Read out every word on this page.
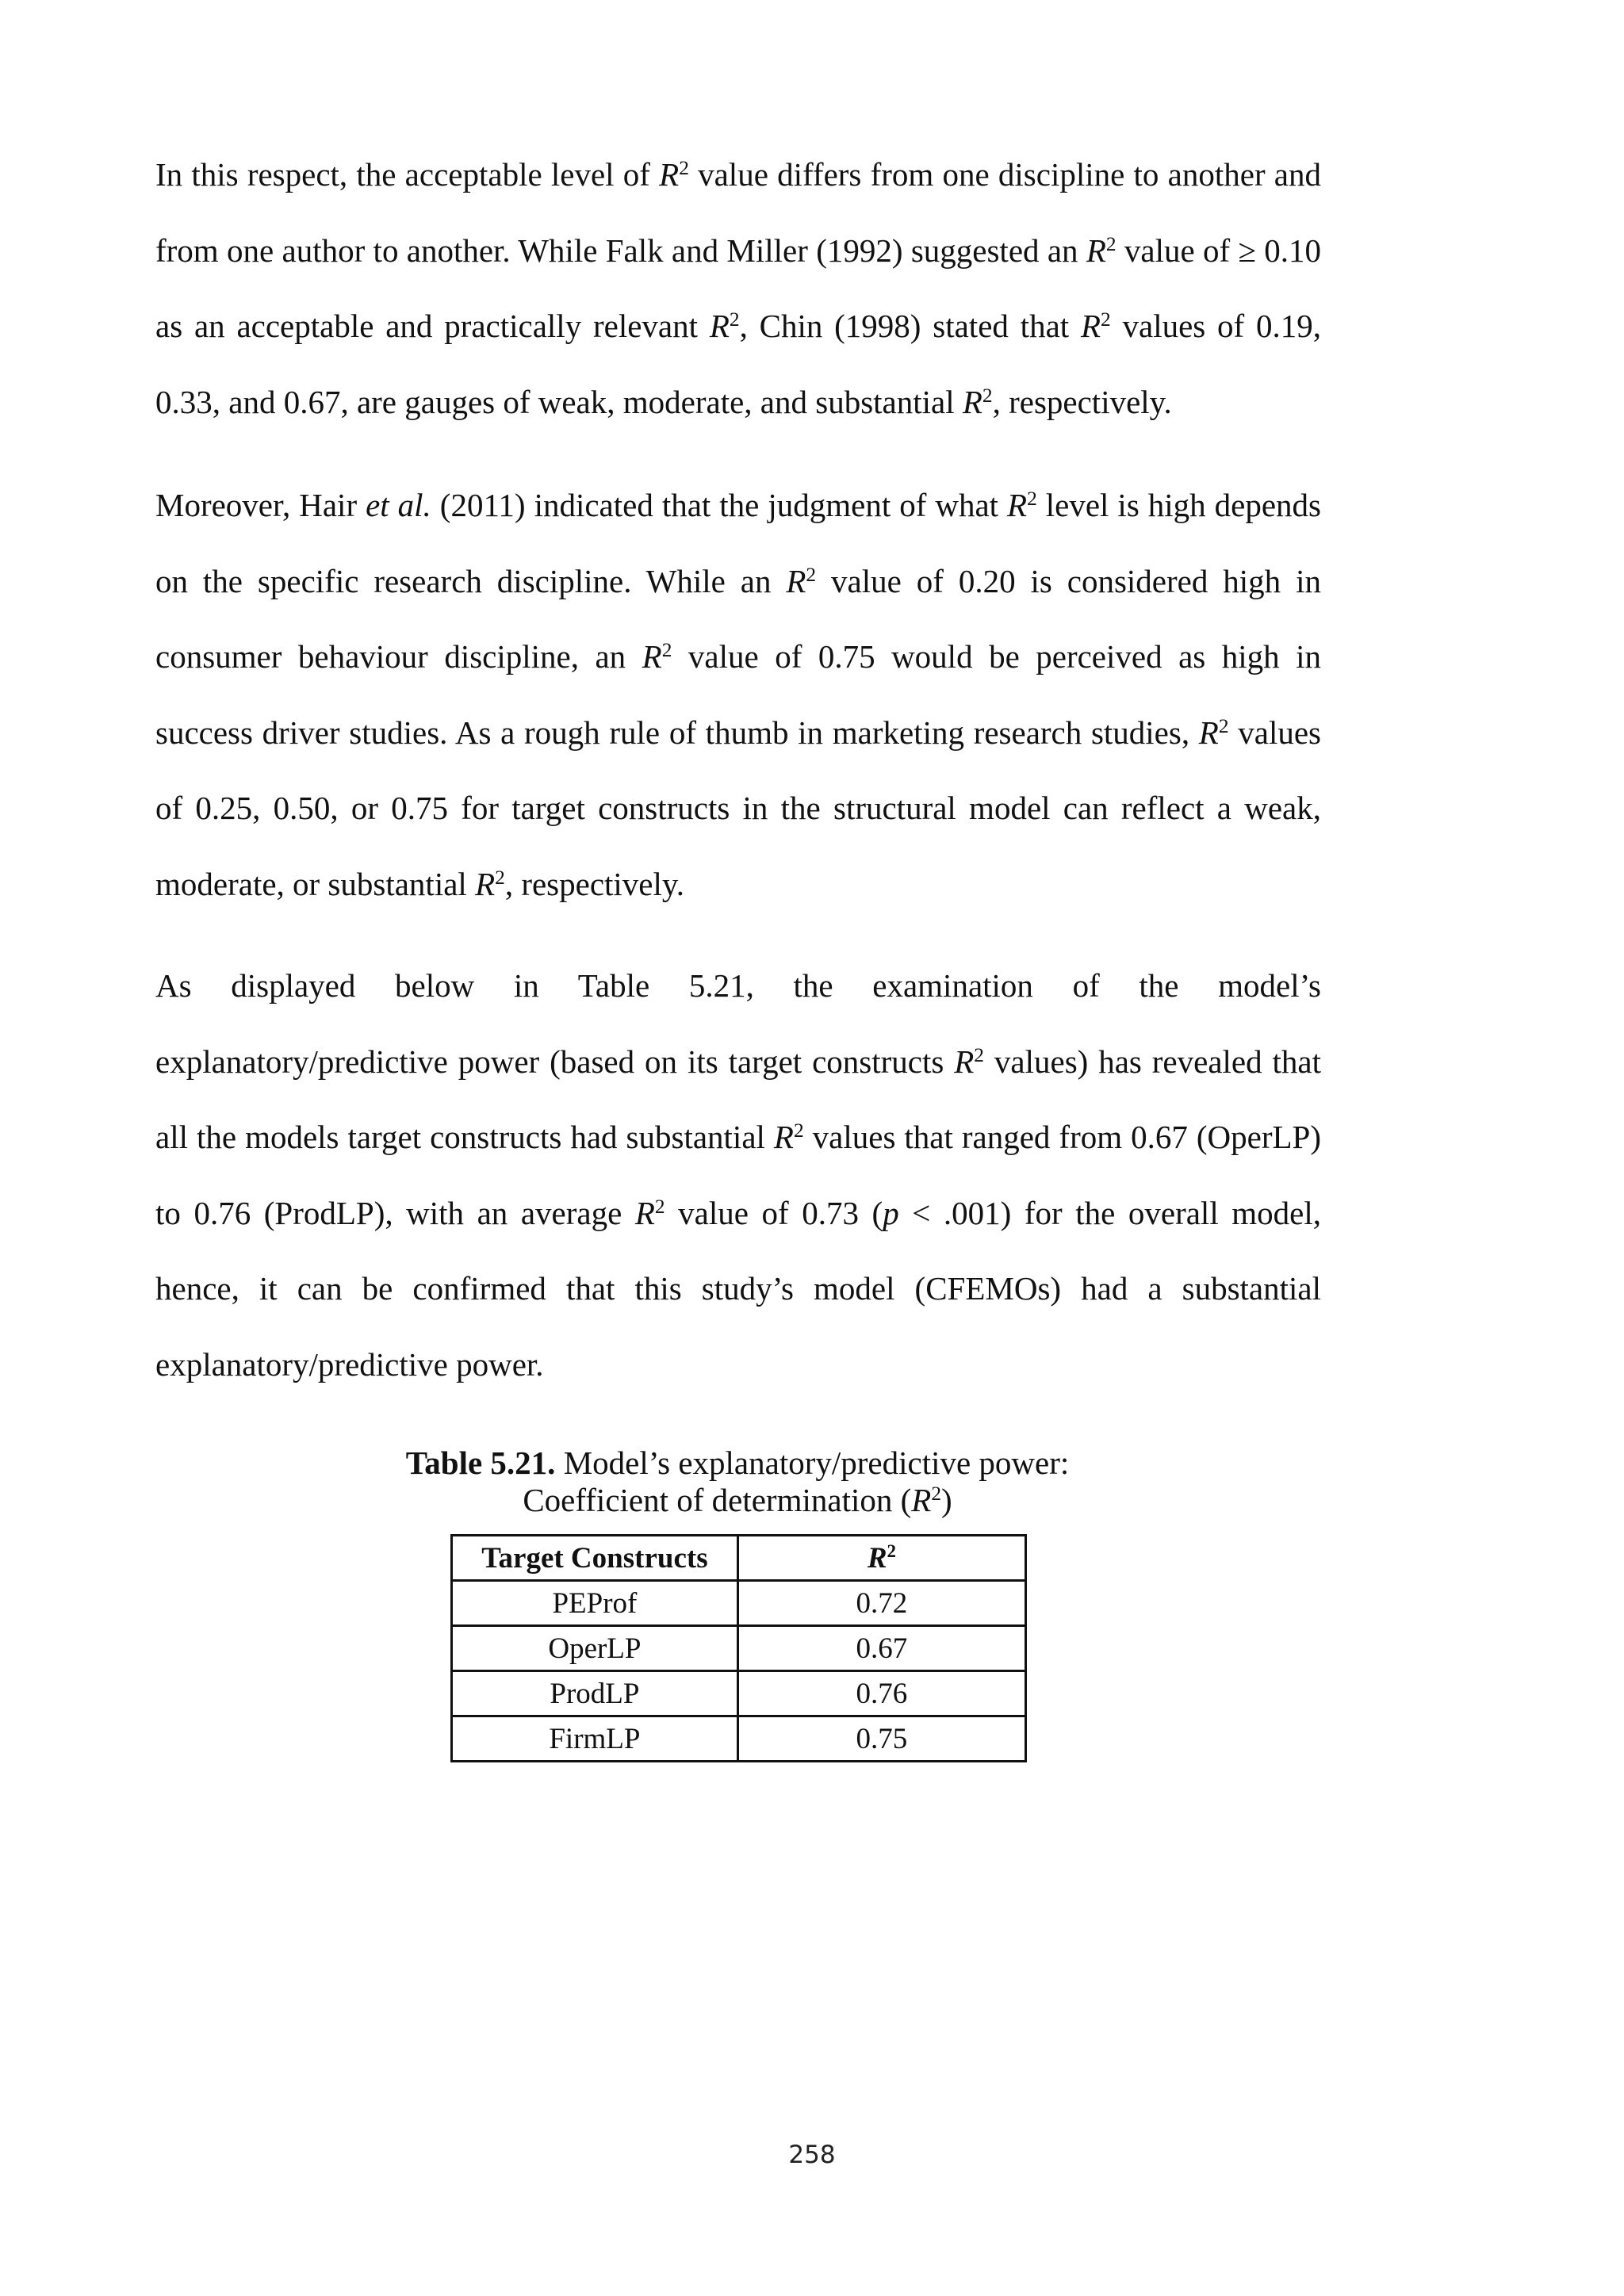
In this respect, the acceptable level of $R^2$ value differs from one discipline to another and from one author to another. While Falk and Miller (1992) suggested an $R^2$ value of ≥ 0.10 as an acceptable and practically relevant $R^2$, Chin (1998) stated that $R^2$ values of 0.19, 0.33, and 0.67, are gauges of weak, moderate, and substantial $R^2$, respectively.

Moreover, Hair et al. (2011) indicated that the judgment of what $R^2$ level is high depends on the specific research discipline. While an $R^2$ value of 0.20 is considered high in consumer behaviour discipline, an $R^2$ value of 0.75 would be perceived as high in success driver studies. As a rough rule of thumb in marketing research studies, $R^2$ values of 0.25, 0.50, or 0.75 for target constructs in the structural model can reflect a weak, moderate, or substantial $R^2$, respectively.

As displayed below in Table 5.21, the examination of the model’s

explanatory/predictive power (based on its target constructs $R^2$ values) has revealed that all the models target constructs had substantial $R^2$ values that ranged from 0.67 (OperLP) to 0.76 (ProdLP), with an average $R^2$ value of 0.73 (p < .001) for the overall model, hence, it can be confirmed that this study’s model (CFEMOs) had a substantial explanatory/predictive power.

Table 5.21. Model’s explanatory/predictive power:
Coefficient of determination $(R^2)$
Target Constructs	$R^2$
PEProf	0.72
OperLP	0.67
ProdLP	0.76
FirmLP	0.75
258
